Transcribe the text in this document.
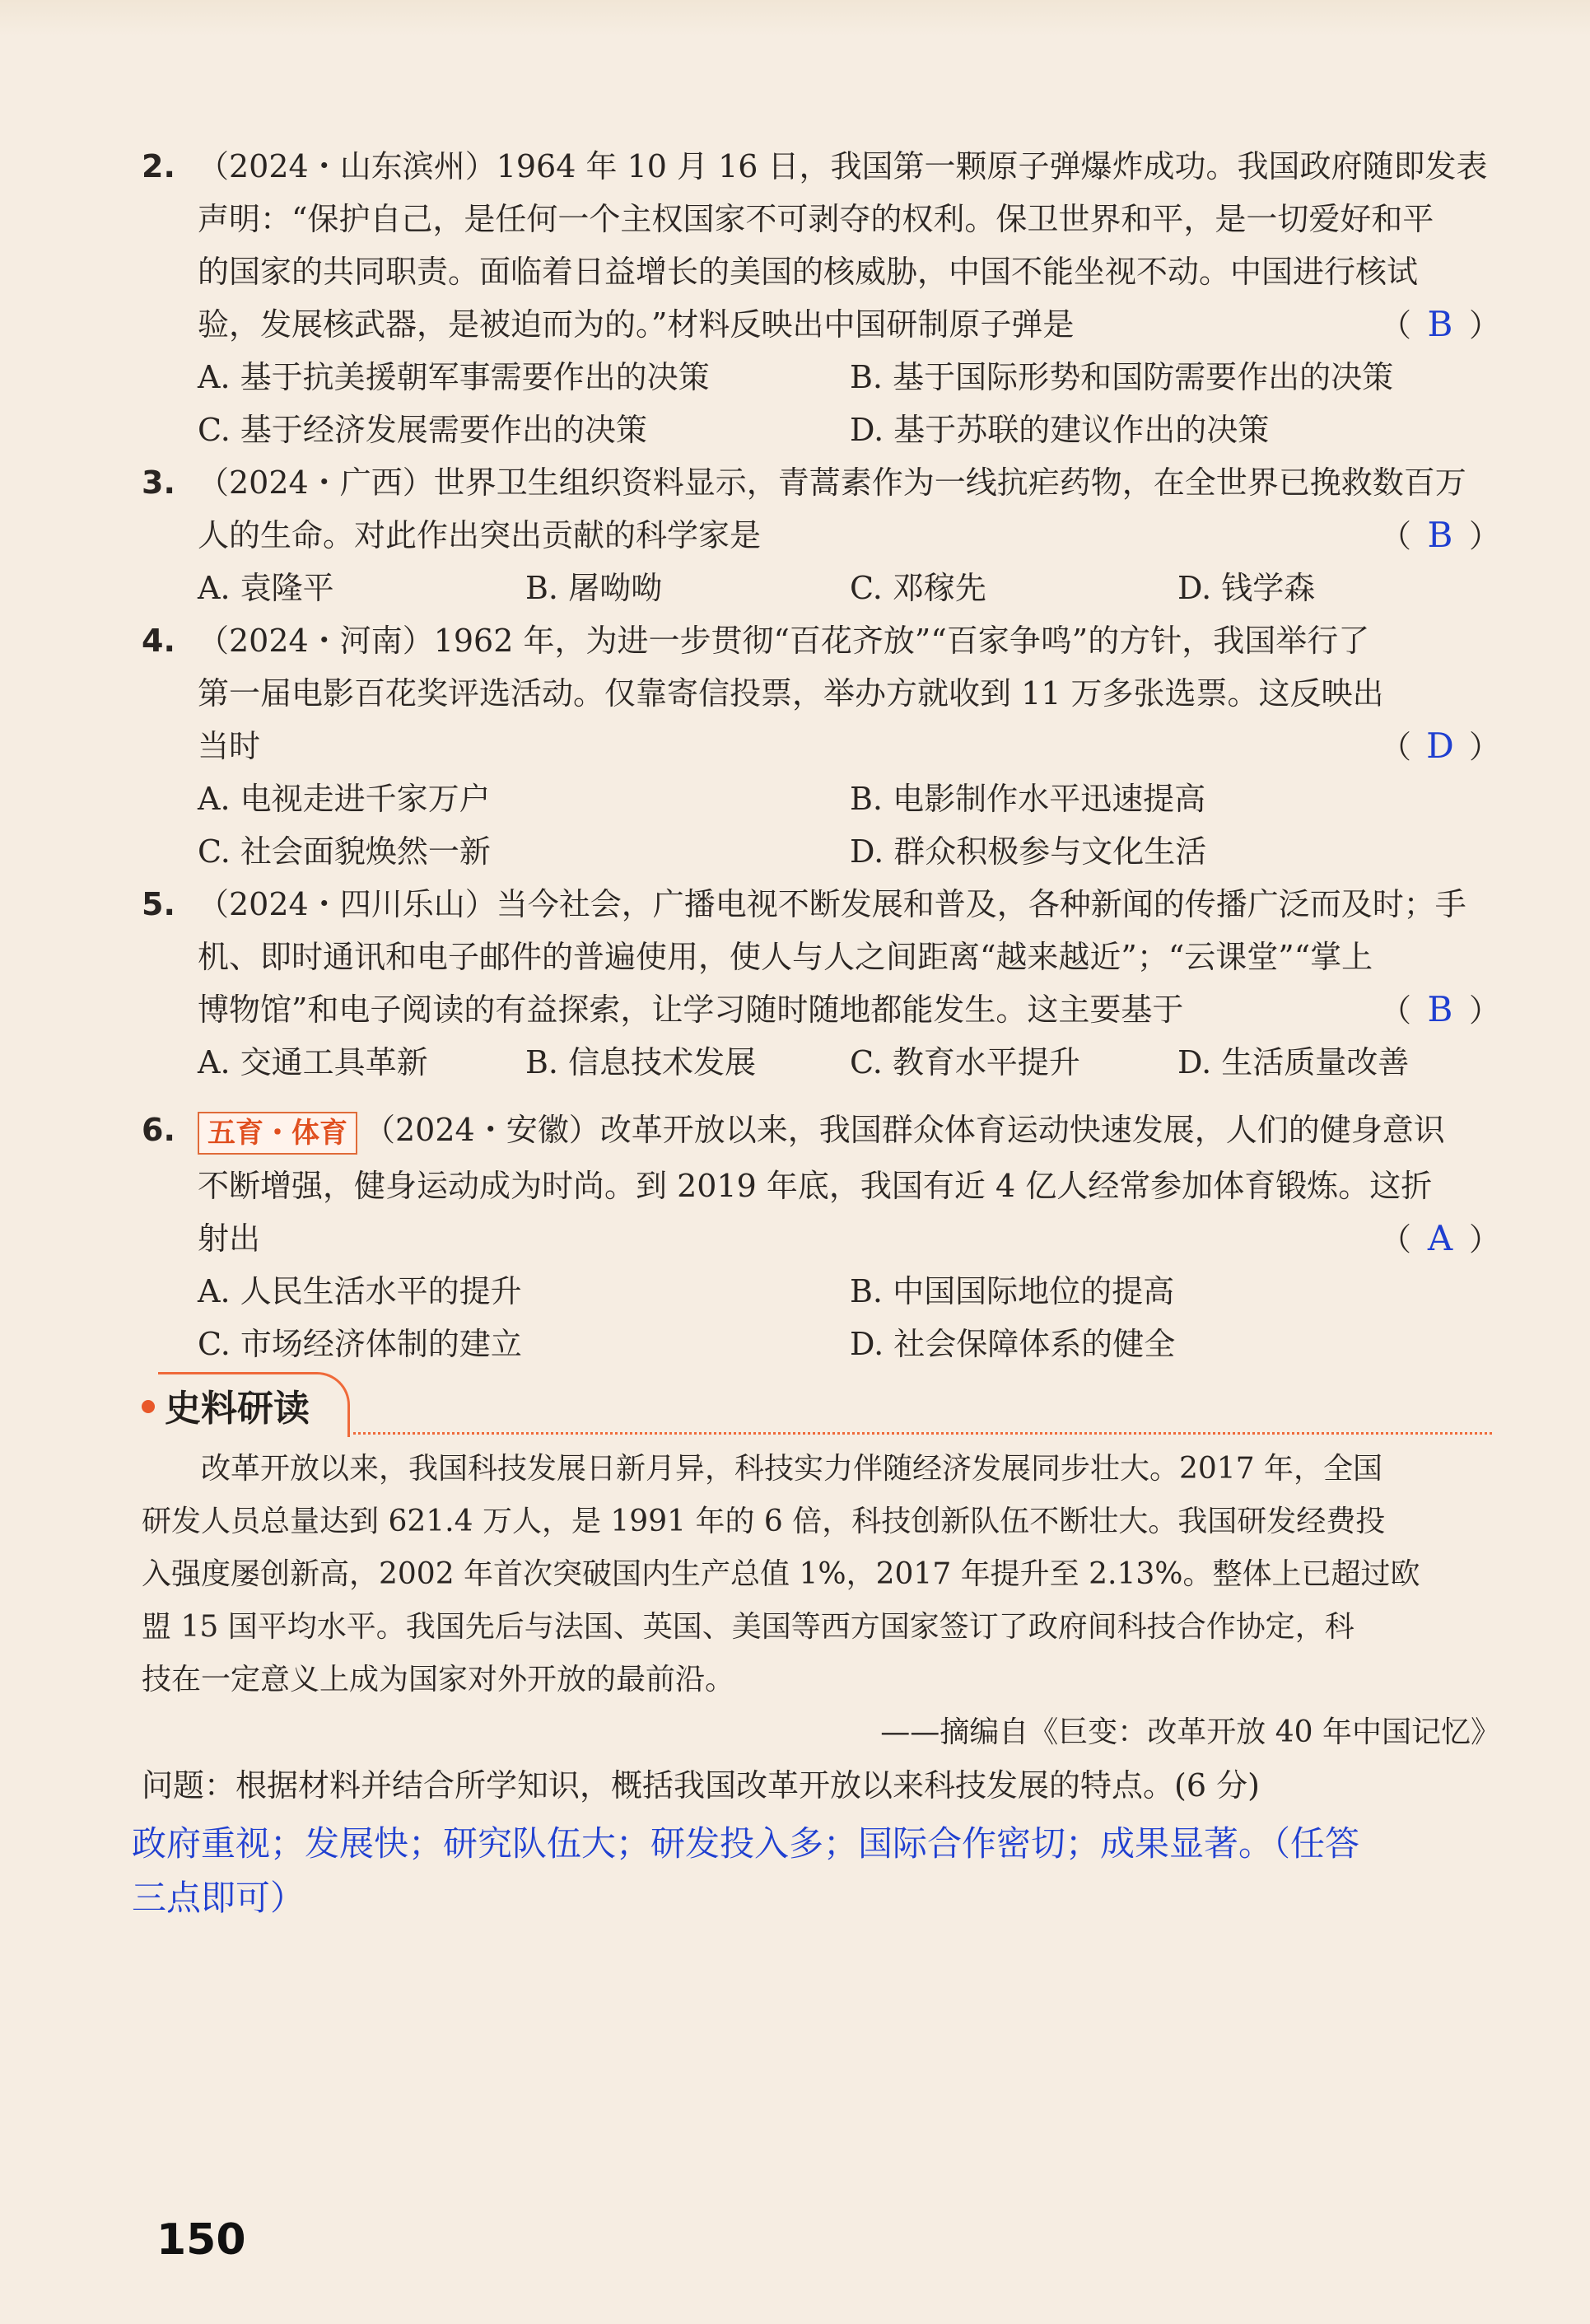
2. （2024・山东滨州）1964 年 10 月 16 日，我国第一颗原子弹爆炸成功。我国政府随即发表
声明：“保护自己，是任何一个主权国家不可剥夺的权利。保卫世界和平，是一切爱好和平
的国家的共同职责。面临着日益增长的美国的核威胁，中国不能坐视不动。中国进行核试
验，发展核武器，是被迫而为的。”材料反映出中国研制原子弹是	（ B ）
A. 基于抗美援朝军事需要作出的决策	B. 基于国际形势和国防需要作出的决策
C. 基于经济发展需要作出的决策	D. 基于苏联的建议作出的决策
3. （2024・广西）世界卫生组织资料显示，青蒿素作为一线抗疟药物，在全世界已挽救数百万
人的生命。对此作出突出贡献的科学家是	（ B ）
A. 袁隆平	B. 屠呦呦	C. 邓稼先	D. 钱学森
4. （2024・河南）1962 年，为进一步贯彻“百花齐放”“百家争鸣”的方针，我国举行了
第一届电影百花奖评选活动。仅靠寄信投票，举办方就收到 11 万多张选票。这反映出
当时	（ D ）
A. 电视走进千家万户	B. 电影制作水平迅速提高
C. 社会面貌焕然一新	D. 群众积极参与文化生活
5. （2024・四川乐山）当今社会，广播电视不断发展和普及，各种新闻的传播广泛而及时；手
机、即时通讯和电子邮件的普遍使用，使人与人之间距离“越来越近”；“云课堂”“掌上
博物馆”和电子阅读的有益探索，让学习随时随地都能发生。这主要基于	（ B ）
A. 交通工具革新	B. 信息技术发展	C. 教育水平提升	D. 生活质量改善
6.	五育・体育 （2024・安徽）改革开放以来，我国群众体育运动快速发展，人们的健身意识
不断增强，健身运动成为时尚。到 2019 年底，我国有近 4 亿人经常参加体育锻炼。这折
射出	（ A ）
A. 人民生活水平的提升	B. 中国国际地位的提高
C. 市场经济体制的建立	D. 社会保障体系的健全
史料研读
　　改革开放以来，我国科技发展日新月异，科技实力伴随经济发展同步壮大。2017 年，全国
研发人员总量达到 621.4 万人，是 1991 年的 6 倍，科技创新队伍不断壮大。我国研发经费投
入强度屡创新高，2002 年首次突破国内生产总值 1%，2017 年提升至 2.13%。整体上已超过欧
盟 15 国平均水平。我国先后与法国、英国、美国等西方国家签订了政府间科技合作协定，科
技在一定意义上成为国家对外开放的最前沿。
——摘编自《巨变：改革开放 40 年中国记忆》
问题：根据材料并结合所学知识，概括我国改革开放以来科技发展的特点。(6 分)
政府重视；发展快；研究队伍大；研发投入多；国际合作密切；成果显著。（任答
三点即可）
150
